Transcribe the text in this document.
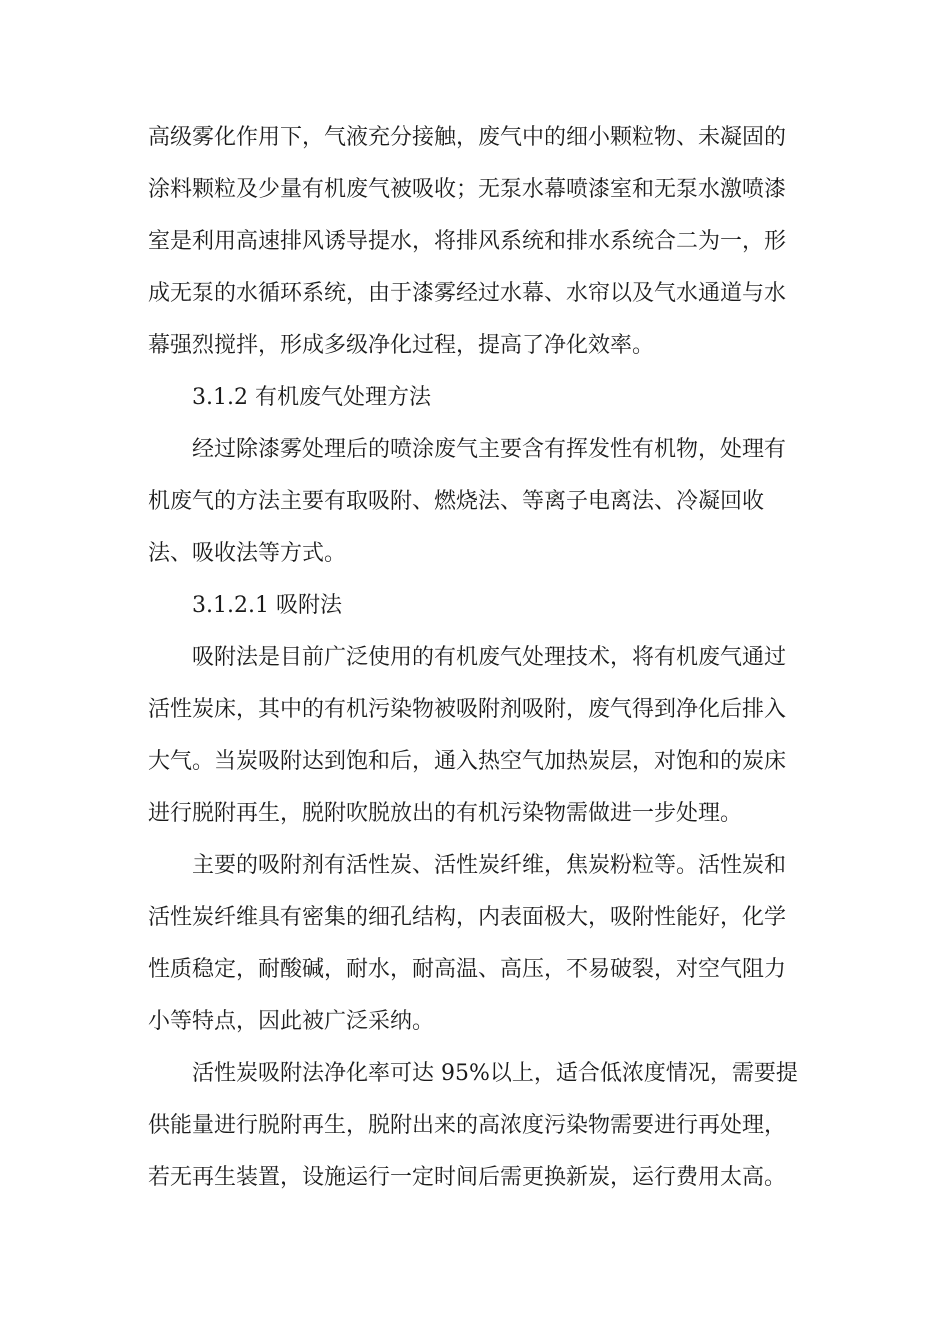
高级雾化作用下，气液充分接触，废气中的细小颗粒物、未凝固的
涂料颗粒及少量有机废气被吸收；无泵水幕喷漆室和无泵水激喷漆
室是利用高速排风诱导提水，将排风系统和排水系统合二为一，形
成无泵的水循环系统，由于漆雾经过水幕、水帘以及气水通道与水
幕强烈搅拌，形成多级净化过程，提高了净化效率。
3.1.2 有机废气处理方法
经过除漆雾处理后的喷涂废气主要含有挥发性有机物，处理有
机废气的方法主要有取吸附、燃烧法、等离子电离法、冷凝回收
法、吸收法等方式。
3.1.2.1 吸附法
吸附法是目前广泛使用的有机废气处理技术，将有机废气通过
活性炭床，其中的有机污染物被吸附剂吸附，废气得到净化后排入
大气。当炭吸附达到饱和后，通入热空气加热炭层，对饱和的炭床
进行脱附再生，脱附吹脱放出的有机污染物需做进一步处理。
主要的吸附剂有活性炭、活性炭纤维，焦炭粉粒等。活性炭和
活性炭纤维具有密集的细孔结构，内表面极大，吸附性能好，化学
性质稳定，耐酸碱，耐水，耐高温、高压，不易破裂，对空气阻力
小等特点，因此被广泛采纳。
活性炭吸附法净化率可达 95%以上，适合低浓度情况，需要提
供能量进行脱附再生，脱附出来的高浓度污染物需要进行再处理，
若无再生装置，设施运行一定时间后需更换新炭，运行费用太高。
